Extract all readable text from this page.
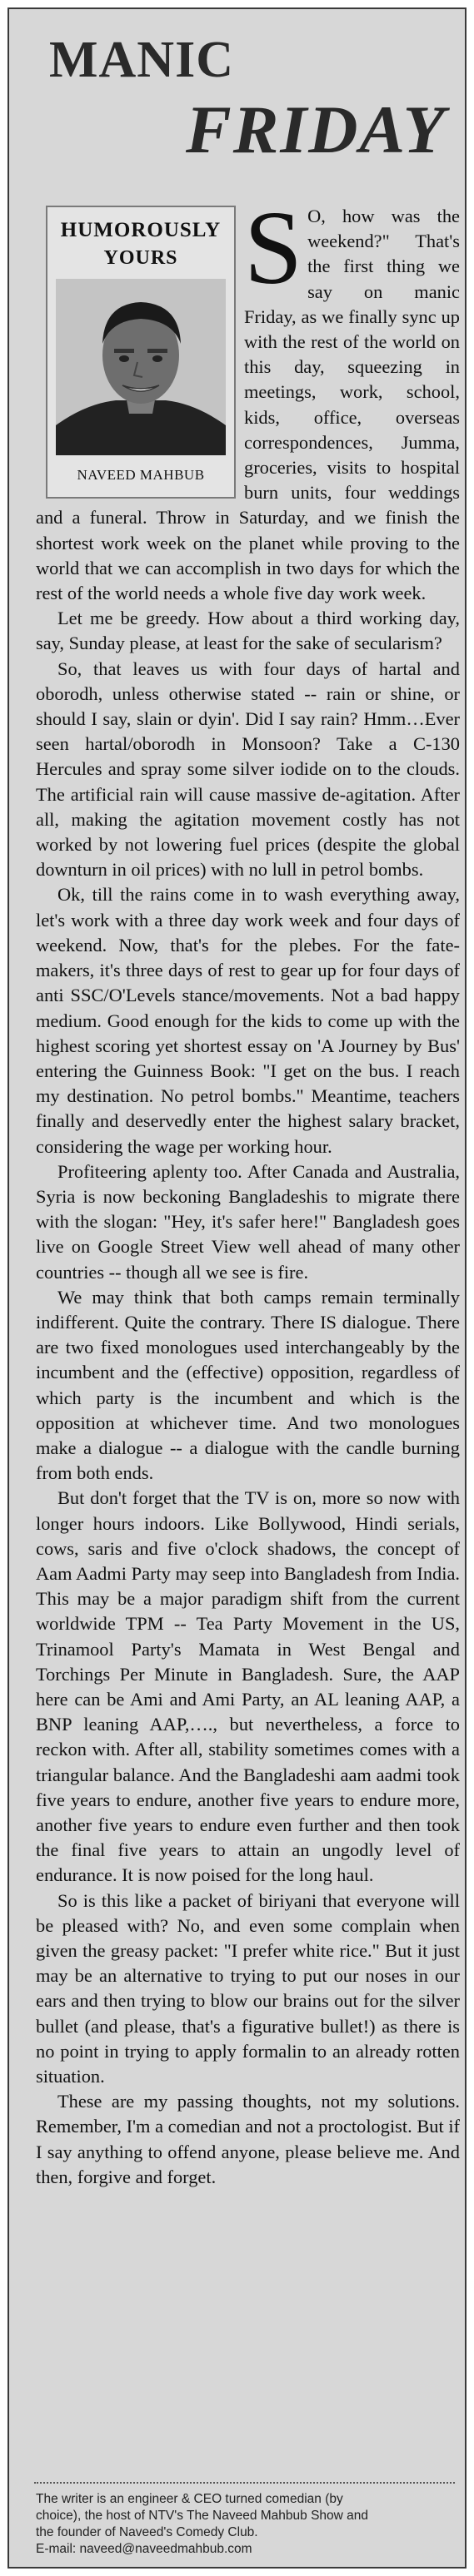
MANIC
FRIDAY

S O, how was the weekend?" That's the first thing we say on manic Friday, as we finally sync up with the rest of the world on this day, squeezing in meetings, work, school, kids, office, overseas correspondences, Jumma, groceries, visits to hospital burn units, four weddings and a funeral. Throw in Saturday, and we finish the shortest work week on the planet while proving to the world that we can accomplish in two days for which the rest of the world needs a whole five day work week.

Let me be greedy. How about a third working day, say, Sunday please, at least for the sake of secularism?

So, that leaves us with four days of hartal and oborodh, unless otherwise stated -- rain or shine, or should I say, slain or dyin'. Did I say rain? Hmm…Ever seen hartal/oborodh in Monsoon? Take a C-130 Hercules and spray some silver iodide on to the clouds. The artificial rain will cause massive de-agitation. After all, making the agitation movement costly has not worked by not lowering fuel prices (despite the global downturn in oil prices) with no lull in petrol bombs.

Ok, till the rains come in to wash everything away, let's work with a three day work week and four days of weekend. Now, that's for the plebes. For the fate-makers, it's three days of rest to gear up for four days of anti SSC/O'Levels stance/movements. Not a bad happy medium. Good enough for the kids to come up with the highest scoring yet shortest essay on 'A Journey by Bus' entering the Guinness Book: "I get on the bus. I reach my destination. No petrol bombs." Meantime, teachers finally and deservedly enter the highest salary bracket, considering the wage per working hour.

Profiteering aplenty too. After Canada and Australia, Syria is now beckoning Bangladeshis to migrate there with the slogan: "Hey, it's safer here!" Bangladesh goes live on Google Street View well ahead of many other countries -- though all we see is fire.

We may think that both camps remain terminally indifferent. Quite the contrary. There IS dialogue. There are two fixed monologues used interchangeably by the incumbent and the (effective) opposition, regardless of which party is the incumbent and which is the opposition at whichever time. And two monologues make a dialogue -- a dialogue with the candle burning from both ends.

But don't forget that the TV is on, more so now with longer hours indoors. Like Bollywood, Hindi serials, cows, saris and five o'clock shadows, the concept of Aam Aadmi Party may seep into Bangladesh from India. This may be a major paradigm shift from the current worldwide TPM -- Tea Party Movement in the US, Trinamool Party's Mamata in West Bengal and Torchings Per Minute in Bangladesh. Sure, the AAP here can be Ami and Ami Party, an AL leaning AAP, a BNP leaning AAP,…., but nevertheless, a force to reckon with. After all, stability sometimes comes with a triangular balance. And the Bangladeshi aam aadmi took five years to endure, another five years to endure more, another five years to endure even further and then took the final five years to attain an ungodly level of endurance. It is now poised for the long haul.

So is this like a packet of biriyani that everyone will be pleased with? No, and even some complain when given the greasy packet: "I prefer white rice." But it just may be an alternative to trying to put our noses in our ears and then trying to blow our brains out for the silver bullet (and please, that's a figurative bullet!) as there is no point in trying to apply formalin to an already rotten situation.

These are my passing thoughts, not my solutions. Remember, I'm a comedian and not a proctologist. But if I say anything to offend anyone, please believe me. And then, forgive and forget.

HUMOROUSLY
YOURS
NAVEED MAHBUB
The writer is an engineer & CEO turned comedian (by
choice), the host of NTV's The Naveed Mahbub Show and
the founder of Naveed's Comedy Club.
E-mail: naveed@naveedmahbub.com
